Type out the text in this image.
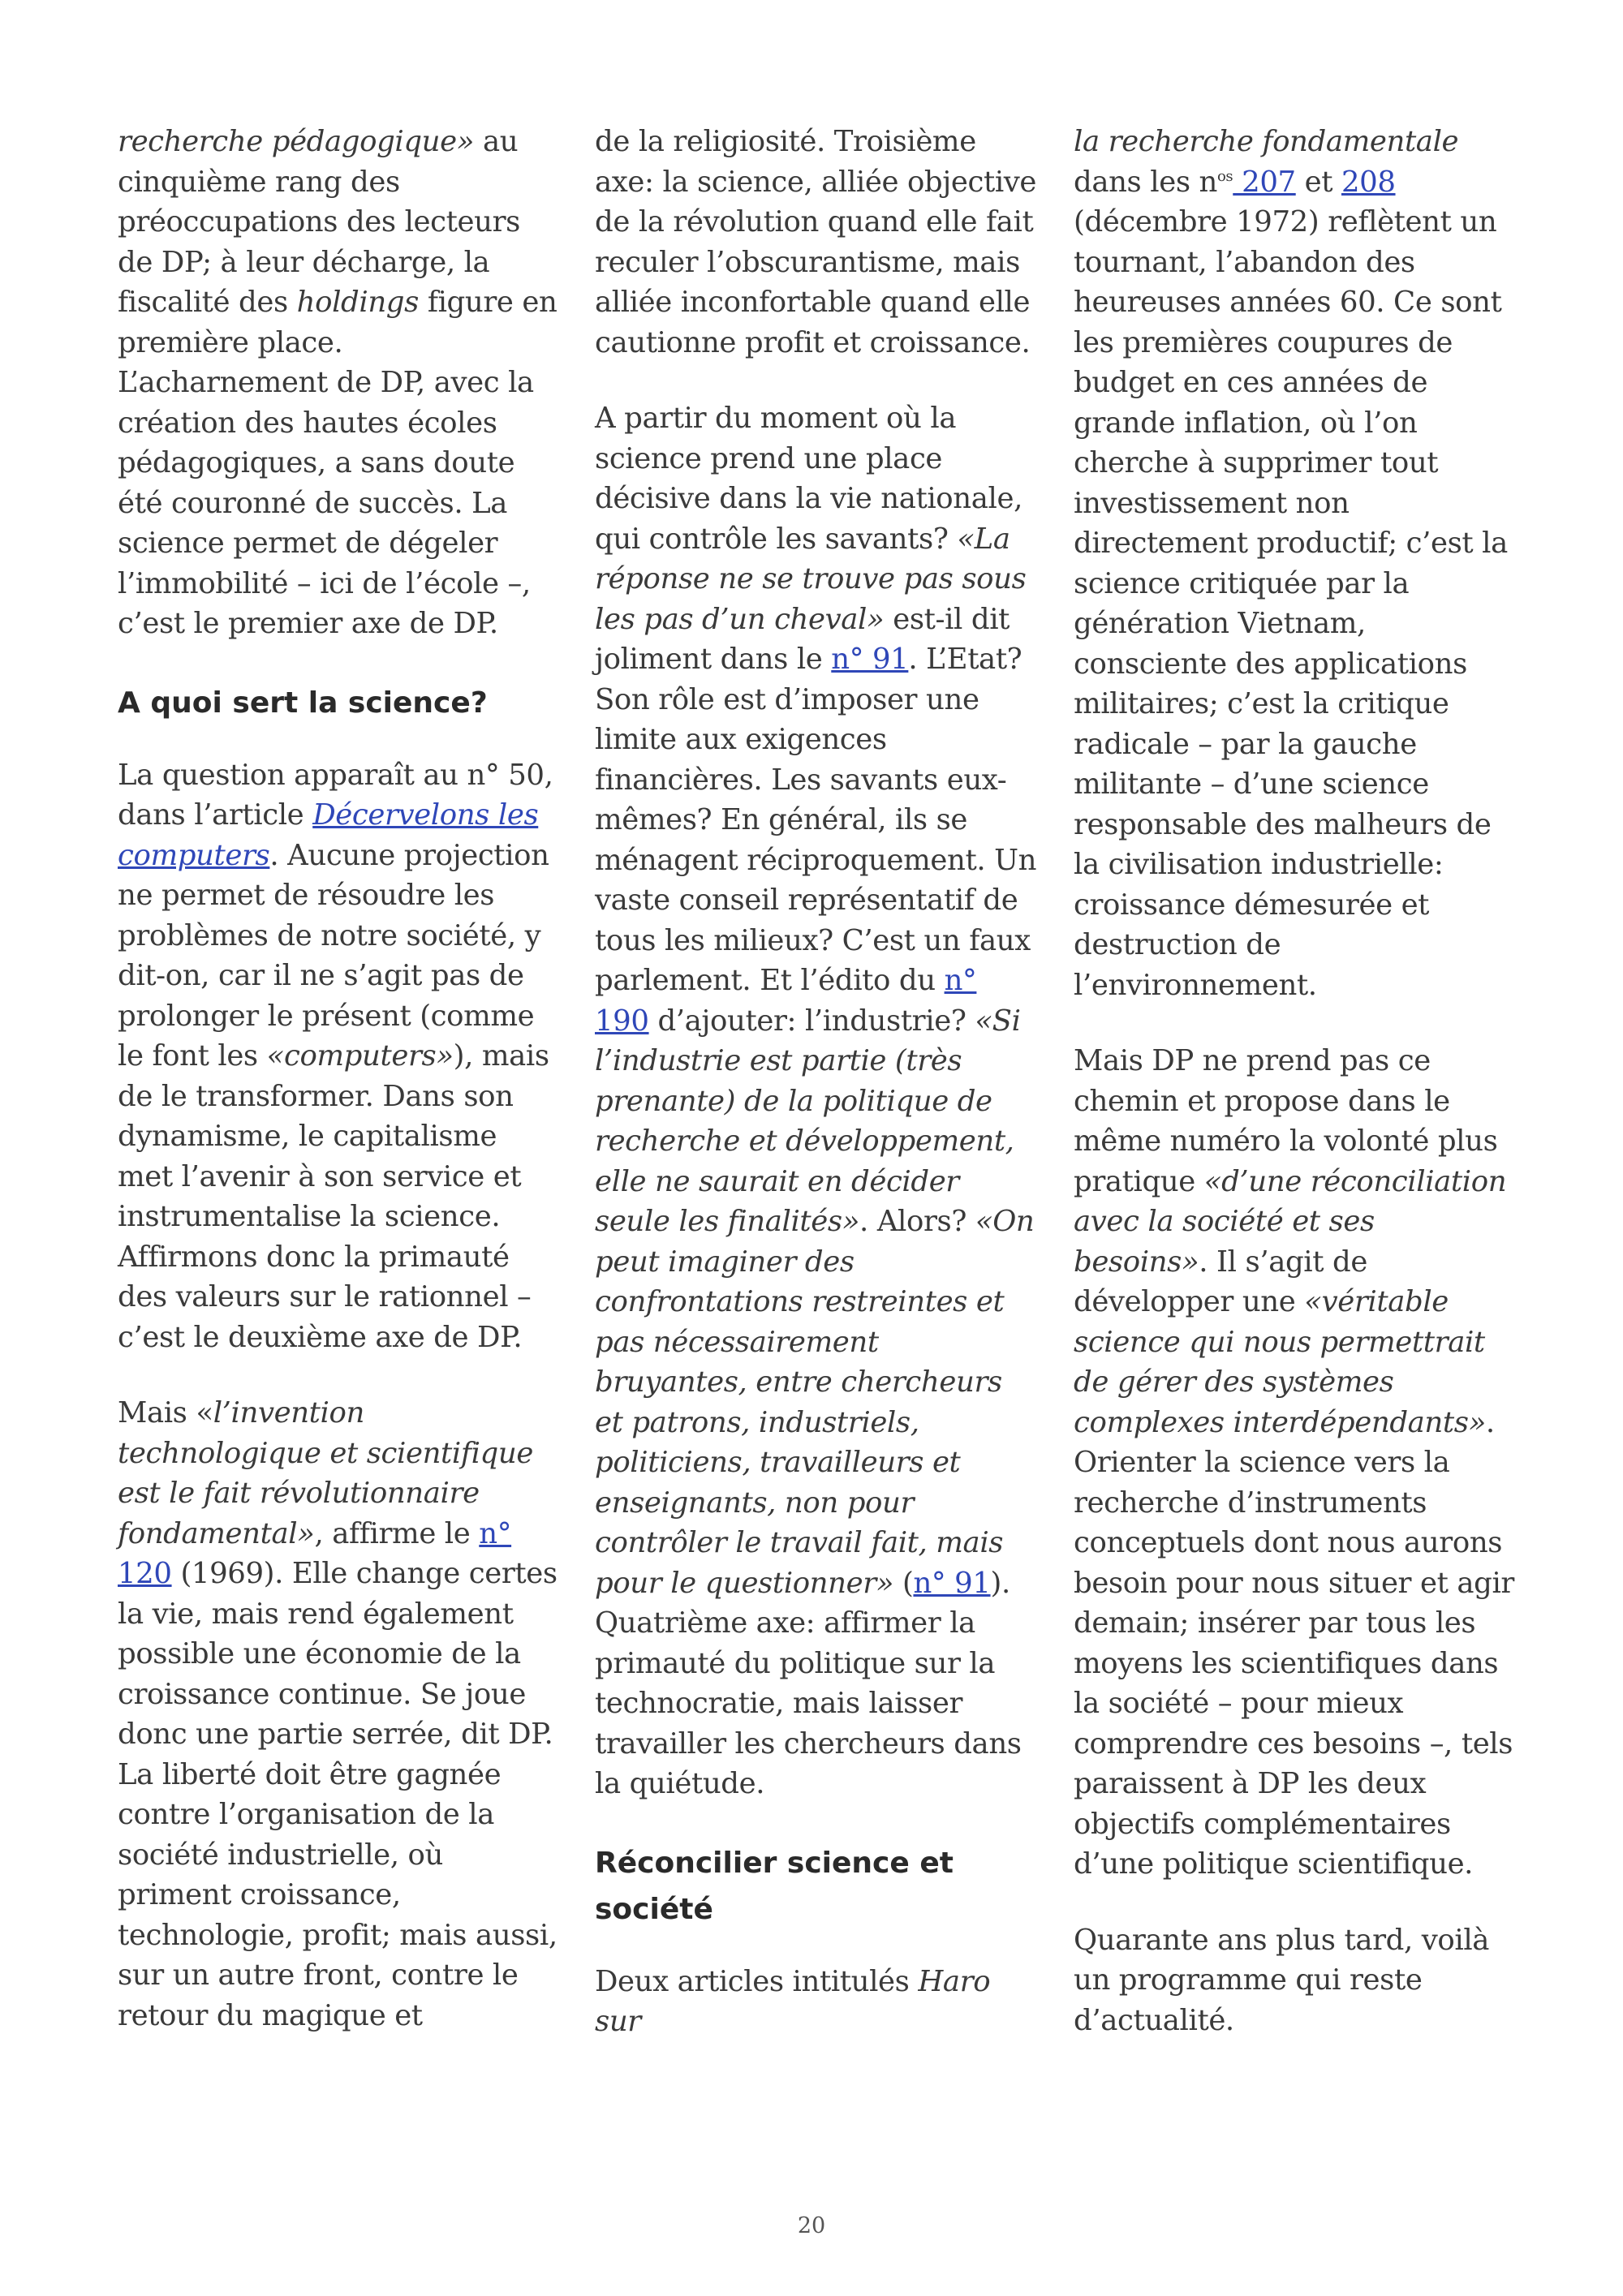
recherche pédagogique» au cinquième rang des préoccupations des lecteurs de DP; à leur décharge, la fiscalité des holdings figure en première place. L’acharnement de DP, avec la création des hautes écoles pédagogiques, a sans doute été couronné de succès. La science permet de dégeler l’immobilité – ici de l’école –, c’est le premier axe de DP.

A quoi sert la science?

La question apparaît au n° 50, dans l’article Décervelons les computers. Aucune projection ne permet de résoudre les problèmes de notre société, y dit-on, car il ne s’agit pas de prolonger le présent (comme le font les «computers»), mais de le transformer. Dans son dynamisme, le capitalisme met l’avenir à son service et instrumentalise la science. Affirmons donc la primauté des valeurs sur le rationnel – c’est le deuxième axe de DP.

Mais «l’invention technologique et scientifique est le fait révolutionnaire fondamental», affirme le n° 120 (1969). Elle change certes la vie, mais rend également possible une économie de la croissance continue. Se joue donc une partie serrée, dit DP. La liberté doit être gagnée contre l’organisation de la société industrielle, où priment croissance, technologie, profit; mais aussi, sur un autre front, contre le retour du magique et

de la religiosité. Troisième axe: la science, alliée objective de la révolution quand elle fait reculer l’obscurantisme, mais alliée inconfortable quand elle cautionne profit et croissance.

A partir du moment où la science prend une place décisive dans la vie nationale, qui contrôle les savants? «La réponse ne se trouve pas sous les pas d’un cheval» est-il dit joliment dans le n° 91. L’Etat? Son rôle est d’imposer une limite aux exigences financières. Les savants eux-mêmes? En général, ils se ménagent réciproquement. Un vaste conseil représentatif de tous les milieux? C’est un faux parlement. Et l’édito du n° 190 d’ajouter: l’industrie? «Si l’industrie est partie (très prenante) de la politique de recherche et développement, elle ne saurait en décider seule les finalités». Alors? «On peut imaginer des confrontations restreintes et pas nécessairement bruyantes, entre chercheurs et patrons, industriels, politiciens, travailleurs et enseignants, non pour contrôler le travail fait, mais pour le questionner» (n° 91). Quatrième axe: affirmer la primauté du politique sur la technocratie, mais laisser travailler les chercheurs dans la quiétude.

Réconcilier science et société

Deux articles intitulés Haro sur

la recherche fondamentale dans les $n^{os}$ 207 et 208 (décembre 1972) reflètent un tournant, l’abandon des heureuses années 60. Ce sont les premières coupures de budget en ces années de grande inflation, où l’on cherche à supprimer tout investissement non directement productif; c’est la science critiquée par la génération Vietnam, consciente des applications militaires; c’est la critique radicale – par la gauche militante – d’une science responsable des malheurs de la civilisation industrielle: croissance démesurée et destruction de l’environnement.

Mais DP ne prend pas ce chemin et propose dans le même numéro la volonté plus pratique «d’une réconciliation avec la société et ses besoins». Il s’agit de développer une «véritable science qui nous permettrait de gérer des systèmes complexes interdépendants». Orienter la science vers la recherche d’instruments conceptuels dont nous aurons besoin pour nous situer et agir demain; insérer par tous les moyens les scientifiques dans la société – pour mieux comprendre ces besoins –, tels paraissent à DP les deux objectifs complémentaires d’une politique scientifique.

Quarante ans plus tard, voilà un programme qui reste d’actualité.

20
